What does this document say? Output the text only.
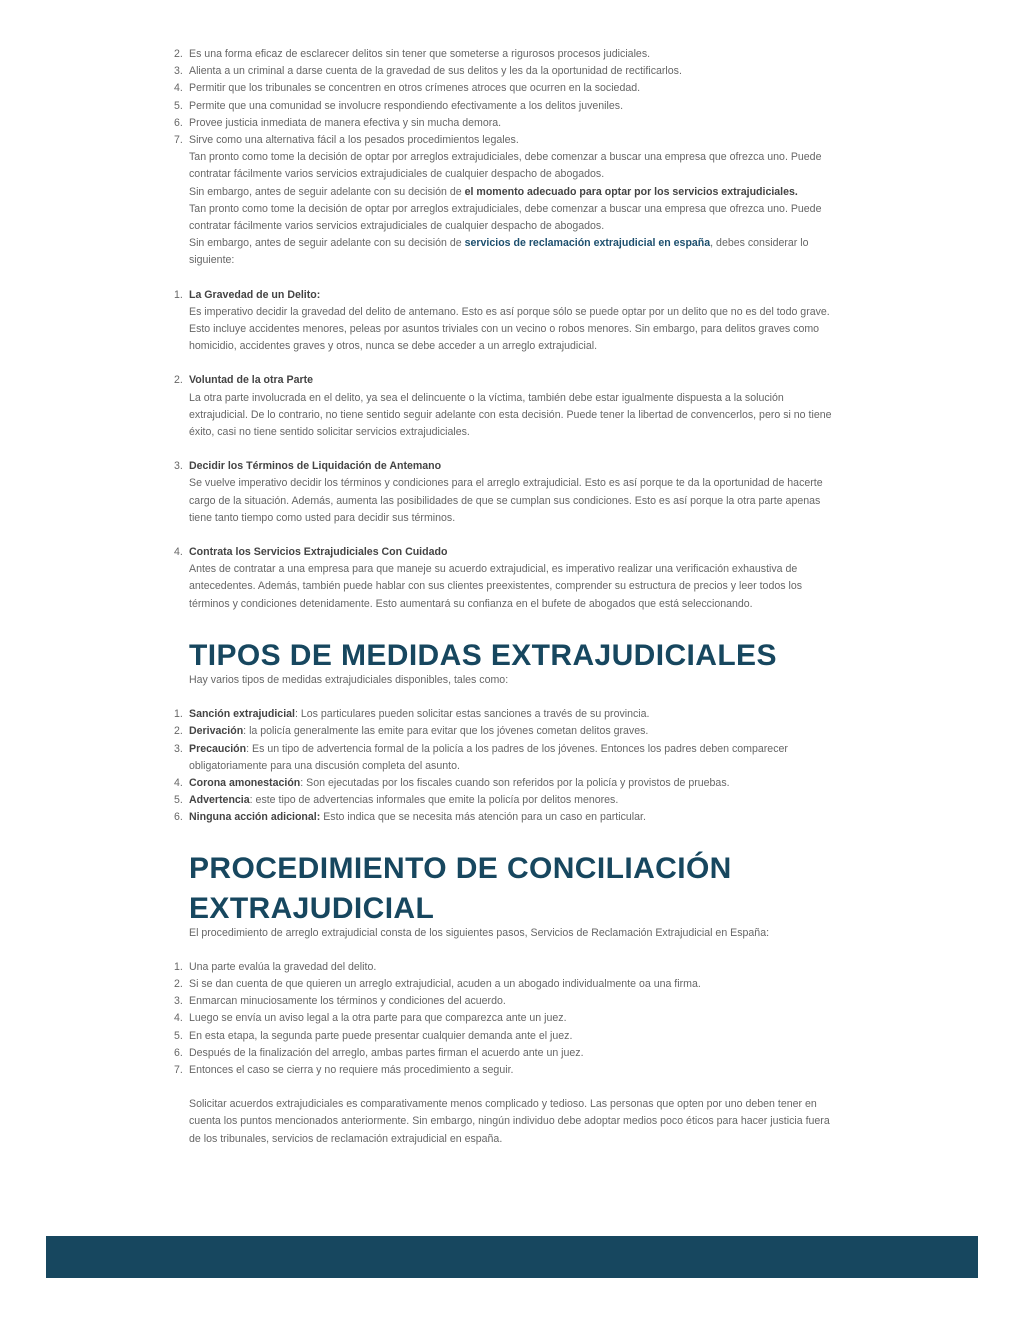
2. Es una forma eficaz de esclarecer delitos sin tener que someterse a rigurosos procesos judiciales.
3. Alienta a un criminal a darse cuenta de la gravedad de sus delitos y les da la oportunidad de rectificarlos.
4. Permitir que los tribunales se concentren en otros crímenes atroces que ocurren en la sociedad.
5. Permite que una comunidad se involucre respondiendo efectivamente a los delitos juveniles.
6. Provee justicia inmediata de manera efectiva y sin mucha demora.
7. Sirve como una alternativa fácil a los pesados procedimientos legales.

Tan pronto como tome la decisión de optar por arreglos extrajudiciales, debe comenzar a buscar una empresa que ofrezca uno. Puede contratar fácilmente varios servicios extrajudiciales de cualquier despacho de abogados.

Sin embargo, antes de seguir adelante con su decisión de el momento adecuado para optar por los servicios extrajudiciales.

Tan pronto como tome la decisión de optar por arreglos extrajudiciales, debe comenzar a buscar una empresa que ofrezca uno. Puede contratar fácilmente varios servicios extrajudiciales de cualquier despacho de abogados.

Sin embargo, antes de seguir adelante con su decisión de servicios de reclamación extrajudicial en españa, debes considerar lo siguiente:

1. La Gravedad de un Delito:

Es imperativo decidir la gravedad del delito de antemano. Esto es así porque sólo se puede optar por un delito que no es del todo grave. Esto incluye accidentes menores, peleas por asuntos triviales con un vecino o robos menores. Sin embargo, para delitos graves como homicidio, accidentes graves y otros, nunca se debe acceder a un arreglo extrajudicial.

2. Voluntad de la otra Parte

La otra parte involucrada en el delito, ya sea el delincuente o la víctima, también debe estar igualmente dispuesta a la solución extrajudicial. De lo contrario, no tiene sentido seguir adelante con esta decisión. Puede tener la libertad de convencerlos, pero si no tiene éxito, casi no tiene sentido solicitar servicios extrajudiciales.

3. Decidir los Términos de Liquidación de Antemano

Se vuelve imperativo decidir los términos y condiciones para el arreglo extrajudicial. Esto es así porque te da la oportunidad de hacerte cargo de la situación. Además, aumenta las posibilidades de que se cumplan sus condiciones. Esto es así porque la otra parte apenas tiene tanto tiempo como usted para decidir sus términos.

4. Contrata los Servicios Extrajudiciales Con Cuidado

Antes de contratar a una empresa para que maneje su acuerdo extrajudicial, es imperativo realizar una verificación exhaustiva de antecedentes. Además, también puede hablar con sus clientes preexistentes, comprender su estructura de precios y leer todos los términos y condiciones detenidamente. Esto aumentará su confianza en el bufete de abogados que está seleccionando.

TIPOS DE MEDIDAS EXTRAJUDICIALES

Hay varios tipos de medidas extrajudiciales disponibles, tales como:

1. Sanción extrajudicial: Los particulares pueden solicitar estas sanciones a través de su provincia.
2. Derivación: la policía generalmente las emite para evitar que los jóvenes cometan delitos graves.
3. Precaución: Es un tipo de advertencia formal de la policía a los padres de los jóvenes. Entonces los padres deben comparecer obligatoriamente para una discusión completa del asunto.
4. Corona amonestación: Son ejecutadas por los fiscales cuando son referidos por la policía y provistos de pruebas.
5. Advertencia: este tipo de advertencias informales que emite la policía por delitos menores.
6. Ninguna acción adicional: Esto indica que se necesita más atención para un caso en particular.
PROCEDIMIENTO DE CONCILIACIÓN
EXTRAJUDICIAL

El procedimiento de arreglo extrajudicial consta de los siguientes pasos, Servicios de Reclamación Extrajudicial en España:

1. Una parte evalúa la gravedad del delito.
2. Si se dan cuenta de que quieren un arreglo extrajudicial, acuden a un abogado individualmente oa una firma.
3. Enmarcan minuciosamente los términos y condiciones del acuerdo.
4. Luego se envía un aviso legal a la otra parte para que comparezca ante un juez.
5. En esta etapa, la segunda parte puede presentar cualquier demanda ante el juez.
6. Después de la finalización del arreglo, ambas partes firman el acuerdo ante un juez.
7. Entonces el caso se cierra y no requiere más procedimiento a seguir.

Solicitar acuerdos extrajudiciales es comparativamente menos complicado y tedioso. Las personas que opten por uno deben tener en cuenta los puntos mencionados anteriormente. Sin embargo, ningún individuo debe adoptar medios poco éticos para hacer justicia fuera de los tribunales, servicios de reclamación extrajudicial en españa.
